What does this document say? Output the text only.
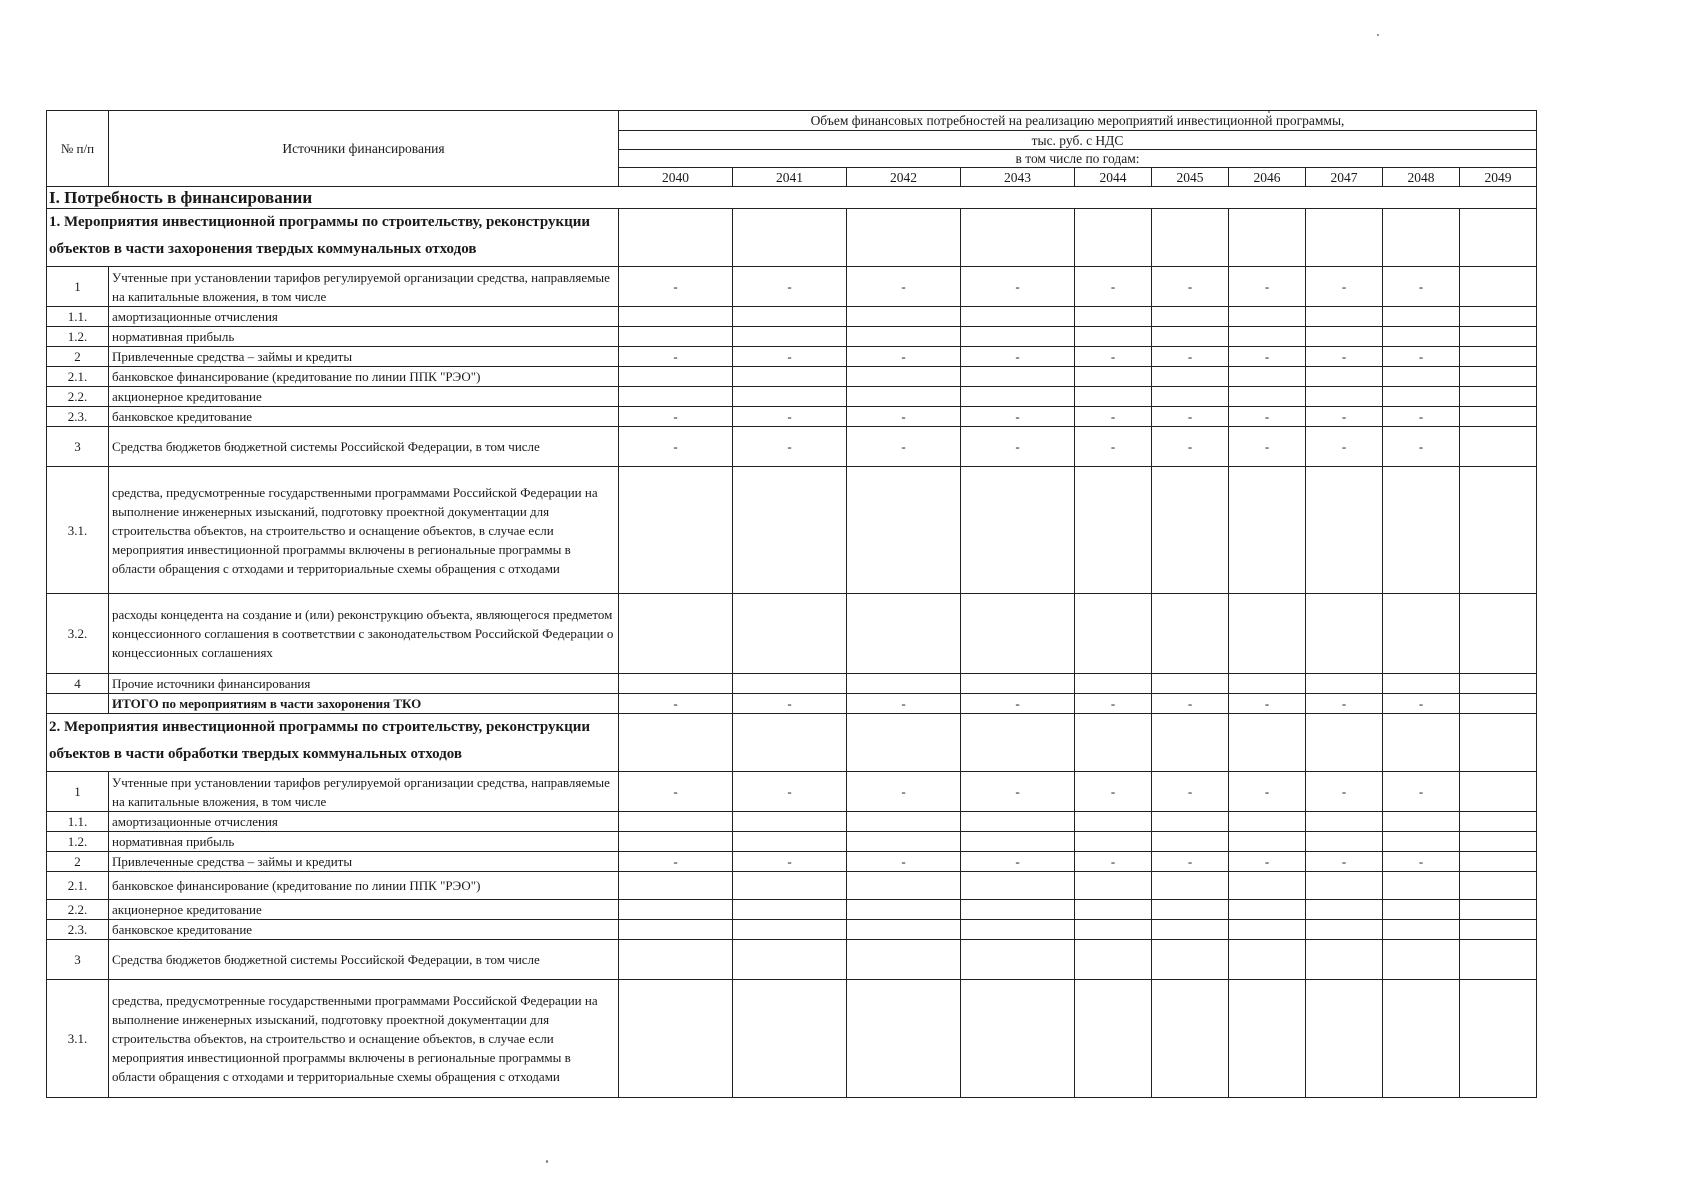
№ п/п	Источники финансирования	Объем финансовых потребностей на реализацию мероприятий инвестиционной программы,									
		тыс. руб. с НДС									
		в том числе по годам:									
		2040	2041	2042	2043	2044	2045	2046	2047	2048	2049
I. Потребность в финансировании											
1. Мероприятия инвестиционной программы по строительству, реконструкции объектов в части захоронения твердых коммунальных отходов											
1	Учтенные при установлении тарифов регулируемой организации средства, направляемые на капитальные вложения, в том числе	-	-	-	-	-	-	-	-	-	
1.1.	амортизационные отчисления										
1.2.	нормативная прибыль										
2	Привлеченные средства – займы и кредиты	-	-	-	-	-	-	-	-	-	
2.1.	банковское финансирование (кредитование по линии ППК "РЭО")										
2.2.	акционерное кредитование										
2.3.	банковское кредитование	-	-	-	-	-	-	-	-	-	
3	Средства бюджетов бюджетной системы Российской Федерации, в том числе	-	-	-	-	-	-	-	-	-	
3.1.	средства, предусмотренные государственными программами Российской Федерации на выполнение инженерных изысканий, подготовку проектной документации для строительства объектов, на строительство и оснащение объектов, в случае если мероприятия инвестиционной программы включены в региональные программы в области обращения с отходами и территориальные схемы обращения с отходами										
3.2.	расходы концедента на создание и (или) реконструкцию объекта, являющегося предметом концессионного соглашения в соответствии с законодательством Российской Федерации о концессионных соглашениях										
4	Прочие источники финансирования										
	ИТОГО по мероприятиям в части захоронения ТКО	-	-	-	-	-	-	-	-	-	
2. Мероприятия инвестиционной программы по строительству, реконструкции объектов в части обработки твердых коммунальных отходов											
1	Учтенные при установлении тарифов регулируемой организации средства, направляемые на капитальные вложения, в том числе	-	-	-	-	-	-	-	-	-	
1.1.	амортизационные отчисления										
1.2.	нормативная прибыль										
2	Привлеченные средства – займы и кредиты	-	-	-	-	-	-	-	-	-	
2.1.	банковское финансирование (кредитование по линии ППК "РЭО")										
2.2.	акционерное кредитование										
2.3.	банковское кредитование										
3	Средства бюджетов бюджетной системы Российской Федерации, в том числе										
3.1.	средства, предусмотренные государственными программами Российской Федерации на выполнение инженерных изысканий, подготовку проектной документации для строительства объектов, на строительство и оснащение объектов, в случае если мероприятия инвестиционной программы включены в региональные программы в области обращения с отходами и территориальные схемы обращения с отходами										
